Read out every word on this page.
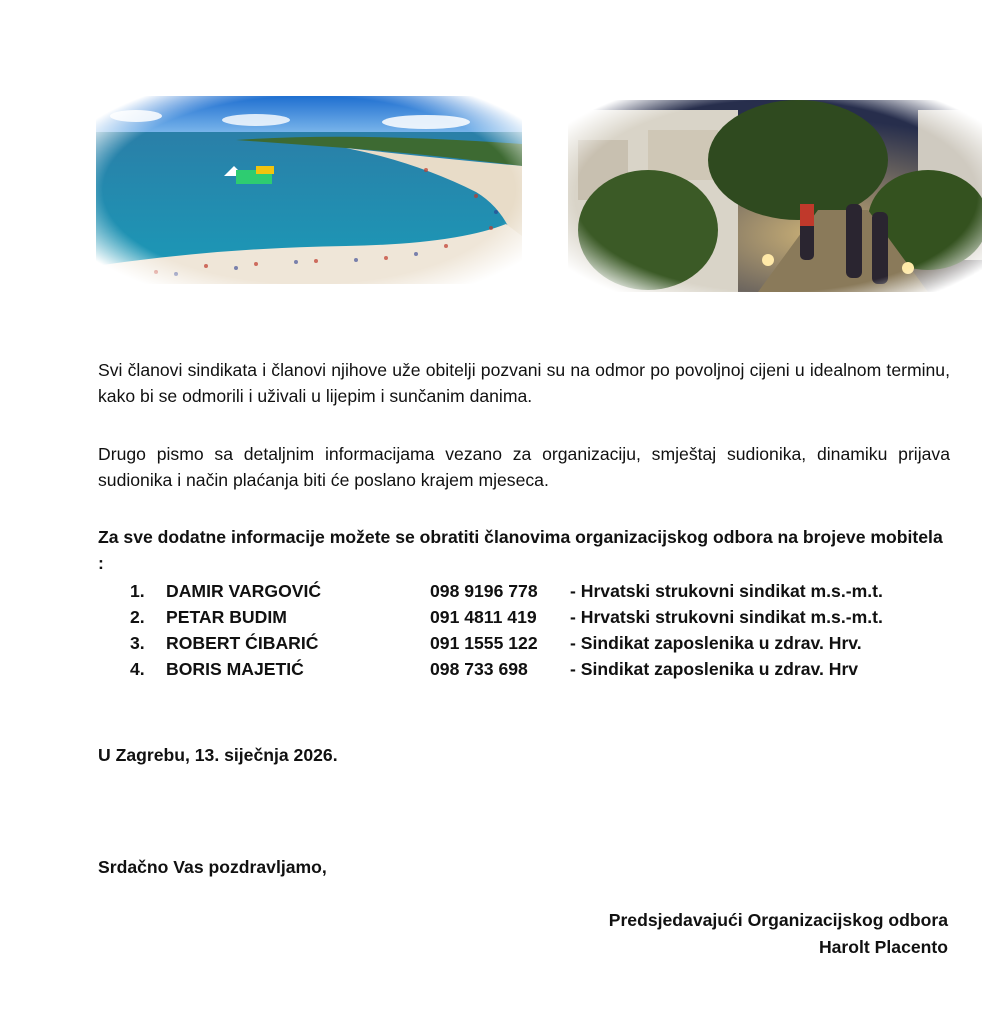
Svi članovi sindikata i članovi njihove uže obitelji pozvani su na odmor po povoljnoj cijeni u idealnom terminu, kako bi se odmorili i uživali u lijepim i sunčanim danima.

Drugo pismo sa detaljnim informacijama vezano za organizaciju, smještaj sudionika, dinamiku prijava sudionika i način plaćanja biti će poslano krajem mjeseca.

Za sve dodatne informacije možete se obratiti članovima organizacijskog odbora na brojeve mobitela :

1.	DAMIR VARGOVIĆ	098 9196 778	- Hrvatski strukovni sindikat m.s.-m.t.
2.	PETAR BUDIM	091 4811 419	- Hrvatski strukovni sindikat m.s.-m.t.
3.	ROBERT ĆIBARIĆ	091 1555 122	- Sindikat zaposlenika u zdrav. Hrv.
4.	BORIS MAJETIĆ	098 733 698	- Sindikat zaposlenika u zdrav. Hrv

U Zagrebu, 13. siječnja 2026.

Srdačno Vas pozdravljamo,

Predsjedavajući Organizacijskog odbora

Harolt Placento
